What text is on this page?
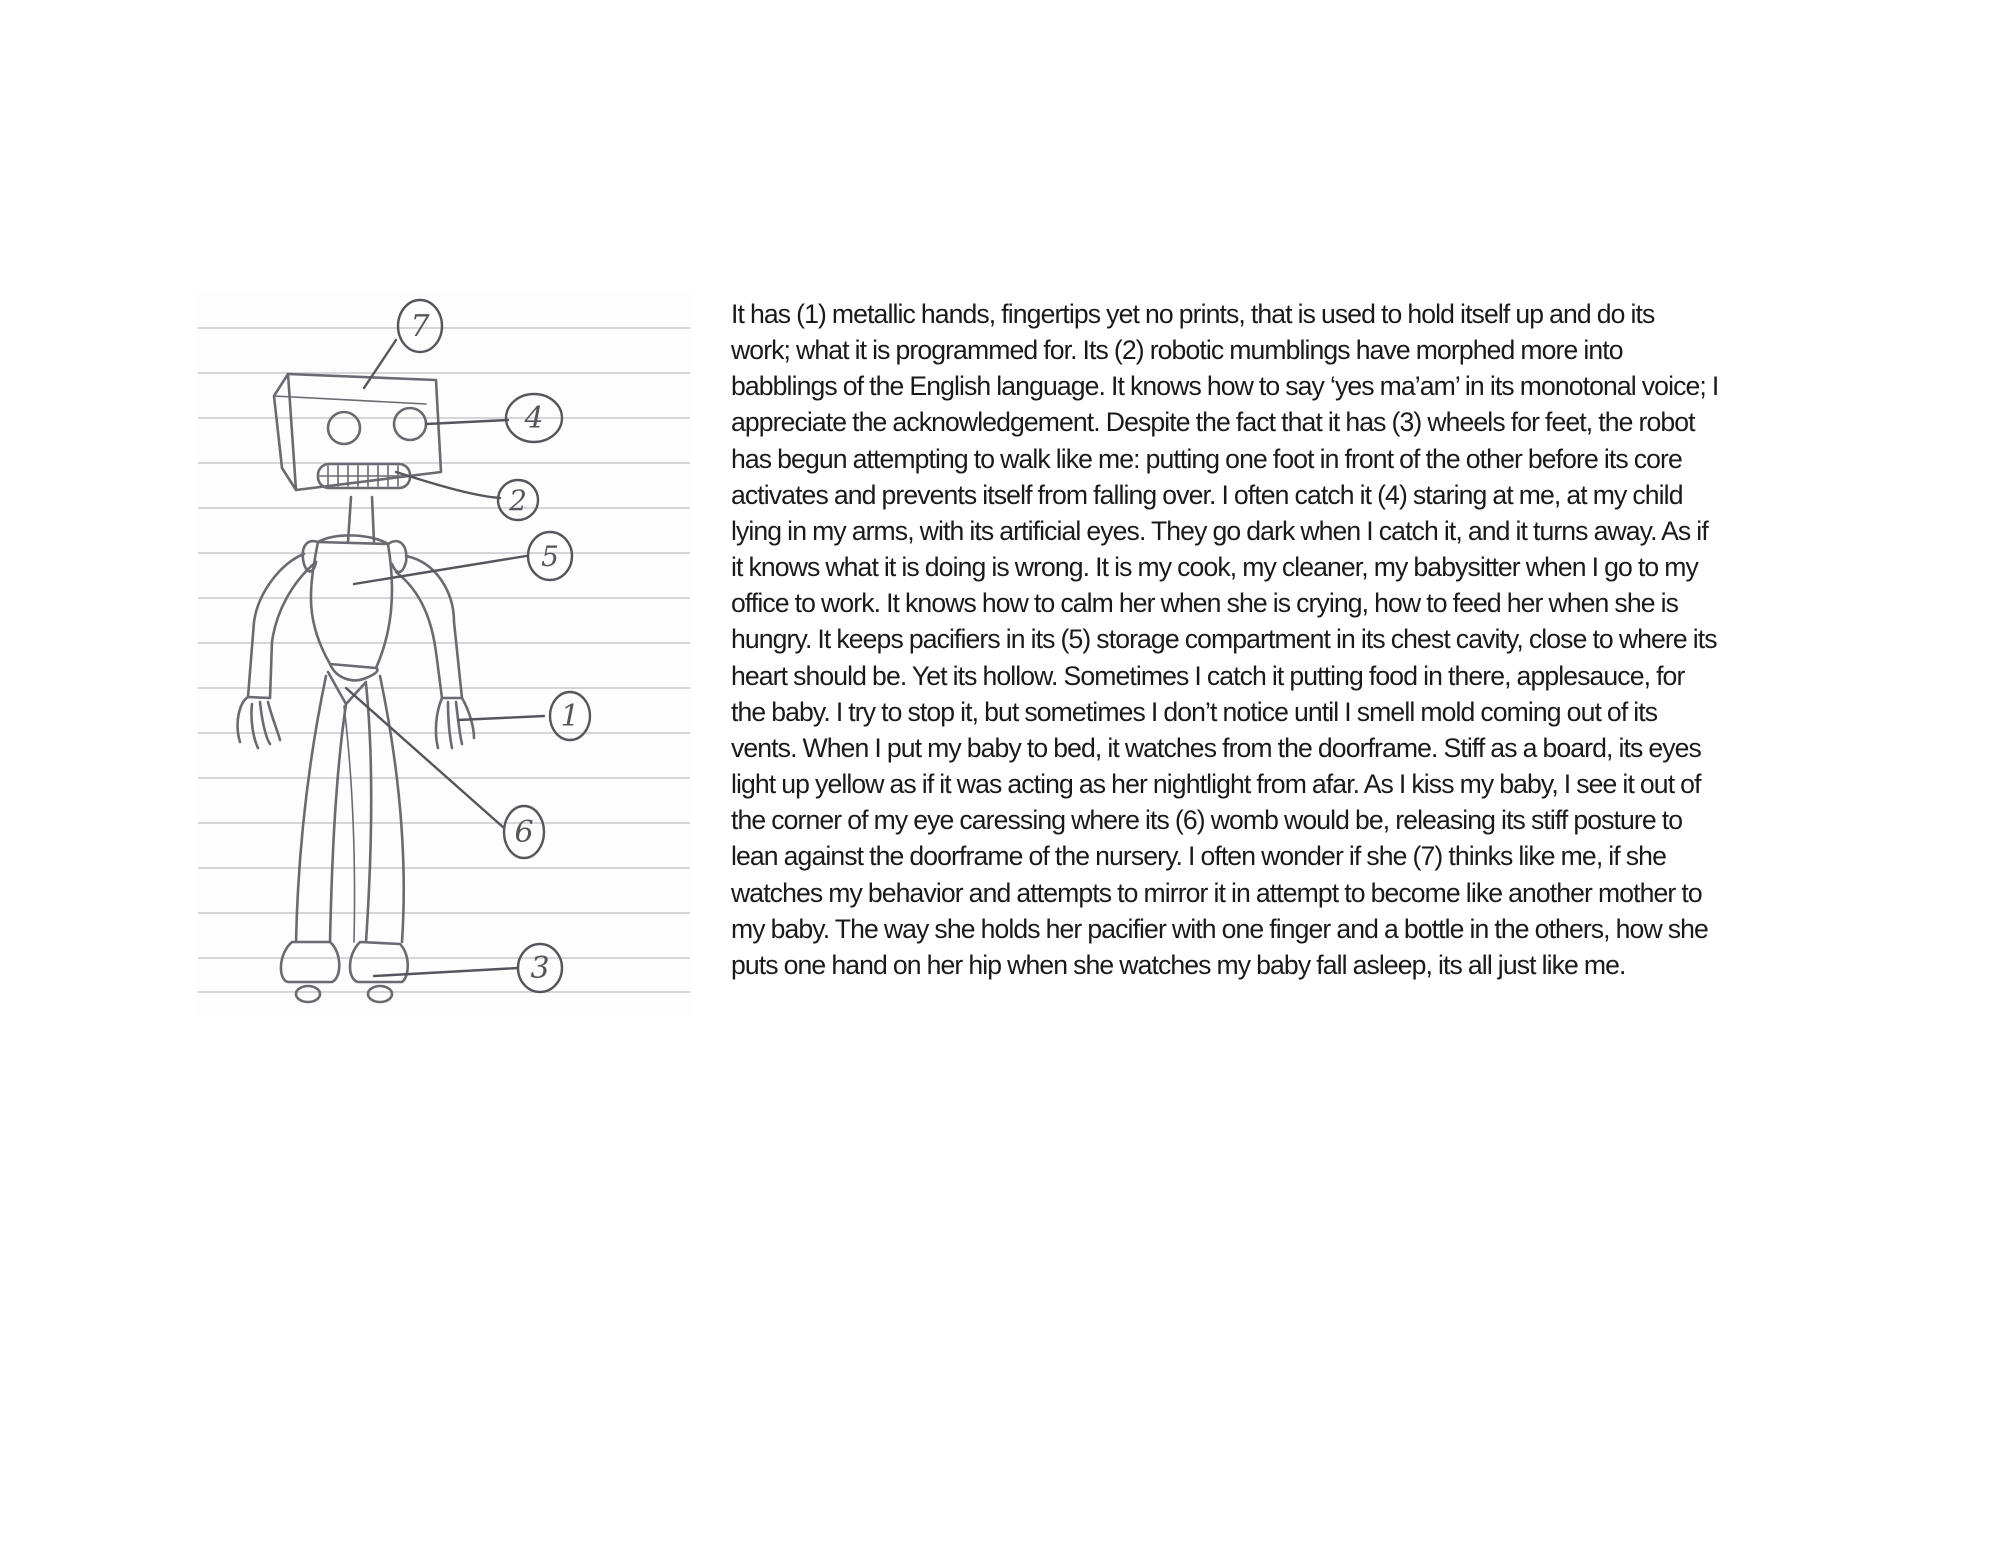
7
4
2
5
1
6
3
It has (1) metallic hands, fingertips yet no prints, that is used to hold itself up and do its
work; what it is programmed for. Its (2) robotic mumblings have morphed more into
babblings of the English language. It knows how to say ‘yes ma’am’ in its monotonal voice; I
appreciate the acknowledgement. Despite the fact that it has (3) wheels for feet, the robot
has begun attempting to walk like me: putting one foot in front of the other before its core
activates and prevents itself from falling over. I often catch it (4) staring at me, at my child
lying in my arms, with its artificial eyes. They go dark when I catch it, and it turns away. As if
it knows what it is doing is wrong. It is my cook, my cleaner, my babysitter when I go to my
office to work. It knows how to calm her when she is crying, how to feed her when she is
hungry. It keeps pacifiers in its (5) storage compartment in its chest cavity, close to where its
heart should be. Yet its hollow. Sometimes I catch it putting food in there, applesauce, for
the baby. I try to stop it, but sometimes I don’t notice until I smell mold coming out of its
vents. When I put my baby to bed, it watches from the doorframe. Stiff as a board, its eyes
light up yellow as if it was acting as her nightlight from afar. As I kiss my baby, I see it out of
the corner of my eye caressing where its (6) womb would be, releasing its stiff posture to
lean against the doorframe of the nursery. I often wonder if she (7) thinks like me, if she
watches my behavior and attempts to mirror it in attempt to become like another mother to
my baby. The way she holds her pacifier with one finger and a bottle in the others, how she
puts one hand on her hip when she watches my baby fall asleep, its all just like me.
